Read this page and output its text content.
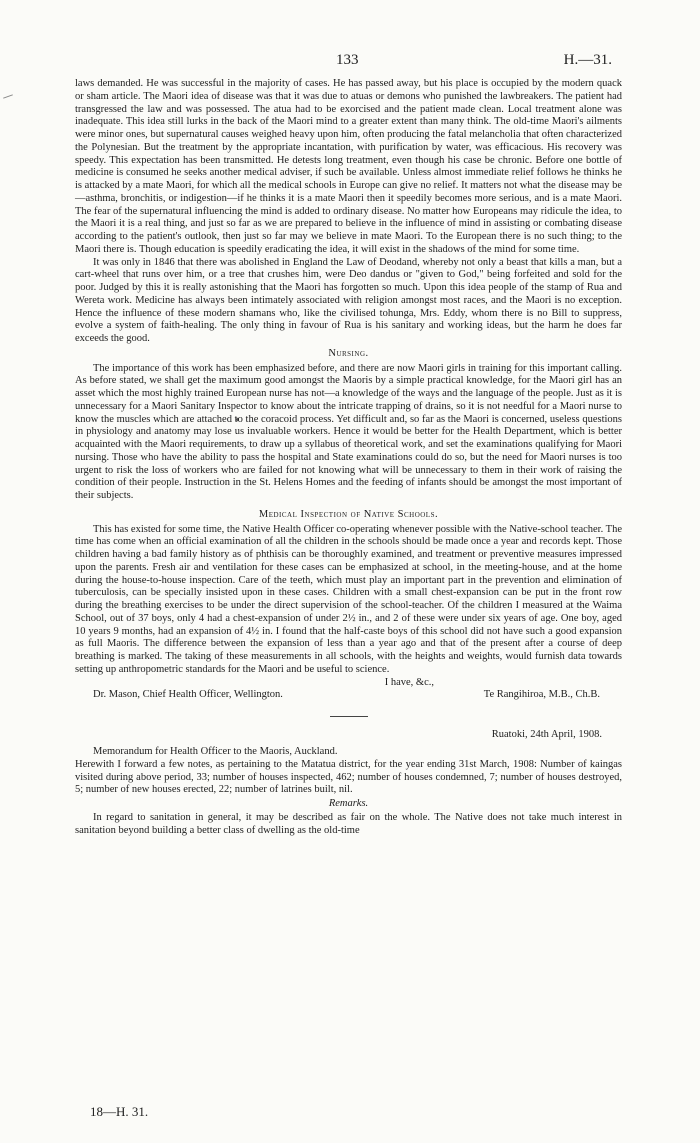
133	H.—31.

laws demanded. He was successful in the majority of cases. He has passed away, but his place is occupied by the modern quack or sham article. The Maori idea of disease was that it was due to atuas or demons who punished the lawbreakers. The patient had transgressed the law and was possessed. The atua had to be exorcised and the patient made clean. Local treatment alone was inadequate. This idea still lurks in the back of the Maori mind to a greater extent than many think. The old-time Maori's ailments were minor ones, but supernatural causes weighed heavy upon him, often producing the fatal melancholia that often characterized the Polynesian. But the treatment by the appropriate incantation, with purification by water, was efficacious. His recovery was speedy. This expectation has been transmitted. He detests long treatment, even though his case be chronic. Before one bottle of medicine is consumed he seeks another medical adviser, if such be available. Unless almost immediate relief follows he thinks he is attacked by a mate Maori, for which all the medical schools in Europe can give no relief. It matters not what the disease may be—asthma, bronchitis, or indigestion—if he thinks it is a mate Maori then it speedily becomes more serious, and is a mate Maori. The fear of the supernatural influencing the mind is added to ordinary disease. No matter how Europeans may ridicule the idea, to the Maori it is a real thing, and just so far as we are prepared to believe in the influence of mind in assisting or combating disease according to the patient's outlook, then just so far may we believe in mate Maori. To the European there is no such thing; to the Maori there is. Though education is speedily eradicating the idea, it will exist in the shadows of the mind for some time.

It was only in 1846 that there was abolished in England the Law of Deodand, whereby not only a beast that kills a man, but a cart-wheel that runs over him, or a tree that crushes him, were Deo dandus or "given to God," being forfeited and sold for the poor. Judged by this it is really astonishing that the Maori has forgotten so much. Upon this idea people of the stamp of Rua and Wereta work. Medicine has always been intimately associated with religion amongst most races, and the Maori is no exception. Hence the influence of these modern shamans who, like the civilised tohunga, Mrs. Eddy, whom there is no Bill to suppress, evolve a system of faith-healing. The only thing in favour of Rua is his sanitary and working ideas, but the harm he does far exceeds the good.

Nursing.

The importance of this work has been emphasized before, and there are now Maori girls in training for this important calling. As before stated, we shall get the maximum good amongst the Maoris by a simple practical knowledge, for the Maori girl has an asset which the most highly trained European nurse has not—a knowledge of the ways and the language of the people. Just as it is unnecessary for a Maori Sanitary Inspector to know about the intricate trapping of drains, so it is not needful for a Maori nurse to know the muscles which are attached to the coracoid process. Yet difficult and, so far as the Maori is concerned, useless questions in physiology and anatomy may lose us invaluable workers. Hence it would be better for the Health Department, which is better acquainted with the Maori requirements, to draw up a syllabus of theoretical work, and set the examinations qualifying for Maori nursing. Those who have the ability to pass the hospital and State examinations could do so, but the need for Maori nurses is too urgent to risk the loss of workers who are failed for not knowing what will be unnecessary to them in their work of raising the condition of their people. Instruction in the St. Helens Homes and the feeding of infants should be amongst the most important of their subjects.

Medical Inspection of Native Schools.

This has existed for some time, the Native Health Officer co-operating whenever possible with the Native-school teacher. The time has come when an official examination of all the children in the schools should be made once a year and records kept. Those children having a bad family history as of phthisis can be thoroughly examined, and treatment or preventive measures impressed upon the parents. Fresh air and ventilation for these cases can be emphasized at school, in the meeting-house, and at the home during the house-to-house inspection. Care of the teeth, which must play an important part in the prevention and elimination of tuberculosis, can be specially insisted upon in these cases. Children with a small chest-expansion can be put in the front row during the breathing exercises to be under the direct supervision of the school-teacher. Of the children I measured at the Waima School, out of 37 boys, only 4 had a chest-expansion of under 2½ in., and 2 of these were under six years of age. One boy, aged 10 years 9 months, had an expansion of 4½ in. I found that the half-caste boys of this school did not have such a good expansion as full Maoris. The difference between the expansion of less than a year ago and that of the present after a course of deep breathing is marked. The taking of these measurements in all schools, with the heights and weights, would furnish data towards setting up anthropometric standards for the Maori and be useful to science.

I have, &c.,
Dr. Mason, Chief Health Officer, Wellington.	Te Rangihiroa, M.B., Ch.B.
Ruatoki, 24th April, 1908.

Memorandum for Health Officer to the Maoris, Auckland.

Herewith I forward a few notes, as pertaining to the Matatua district, for the year ending 31st March, 1908: Number of kaingas visited during above period, 33; number of houses inspected, 462; number of houses condemned, 7; number of houses destroyed, 5; number of new houses erected, 22; number of latrines built, nil.

Remarks.

In regard to sanitation in general, it may be described as fair on the whole. The Native does not take much interest in sanitation beyond building a better class of dwelling as the old-time

18—H. 31.
